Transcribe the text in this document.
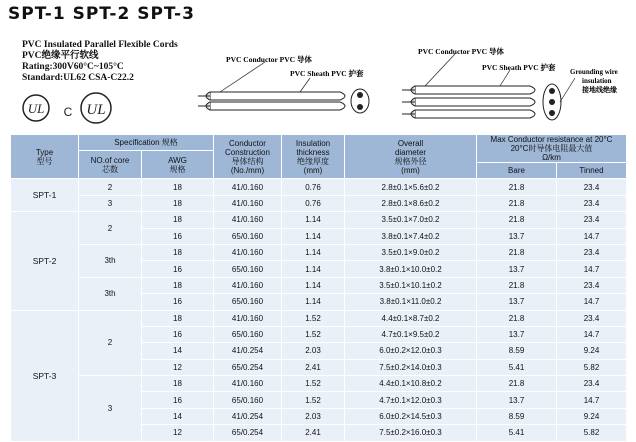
SPT-1 SPT-2 SPT-3
PVC Insulated Parallel Flexible Cords
PVC绝缘平行软线
Rating:300V60°C~105°C
Standard:UL62 CSA-C22.2
UL C UL
PVC Conductor PVC 导体
PVC Sheath PVC 护套
PVC Conductor PVC 导体
PVC Sheath PVC 护套 Grounding wire
insulation
接地线绝缘
Type
型号	Specification 规格		Conductor
Construction
导体结构
(No./mm)	Insulation
thickness
绝缘厚度
(mm)	Overall
diameter
规格外径
(mm)	Max Conductor resistance at 20°C
20°C时导体电阻最大值
Ω/km	
	NO.of core
芯数	AWG
规格					
						Bare	Tinned
SPT-1	2	18	41/0.160	0.76	2.8±0.1×5.6±0.2	21.8	23.4
	3	18	41/0.160	0.76	2.8±0.1×8.6±0.2	21.8	23.4
SPT-2	2	18	41/0.160	1.14	3.5±0.1×7.0±0.2	21.8	23.4
		16	65/0.160	1.14	3.8±0.1×7.4±0.2	13.7	14.7
	3th	18	41/0.160	1.14	3.5±0.1×9.0±0.2	21.8	23.4
		16	65/0.160	1.14	3.8±0.1×10.0±0.2	13.7	14.7
	3th	18	41/0.160	1.14	3.5±0.1×10.1±0.2	21.8	23.4
		16	65/0.160	1.14	3.8±0.1×11.0±0.2	13.7	14.7
SPT-3	2	18	41/0.160	1.52	4.4±0.1×8.7±0.2	21.8	23.4
		16	65/0.160	1.52	4.7±0.1×9.5±0.2	13.7	14.7
		14	41/0.254	2.03	6.0±0.2×12.0±0.3	8.59	9.24
		12	65/0.254	2.41	7.5±0.2×14.0±0.3	5.41	5.82
	3	18	41/0.160	1.52	4.4±0.1×10.8±0.2	21.8	23.4
		16	65/0.160	1.52	4.7±0.1×12.0±0.3	13.7	14.7
		14	41/0.254	2.03	6.0±0.2×14.5±0.3	8.59	9.24
		12	65/0.254	2.41	7.5±0.2×16.0±0.3	5.41	5.82
